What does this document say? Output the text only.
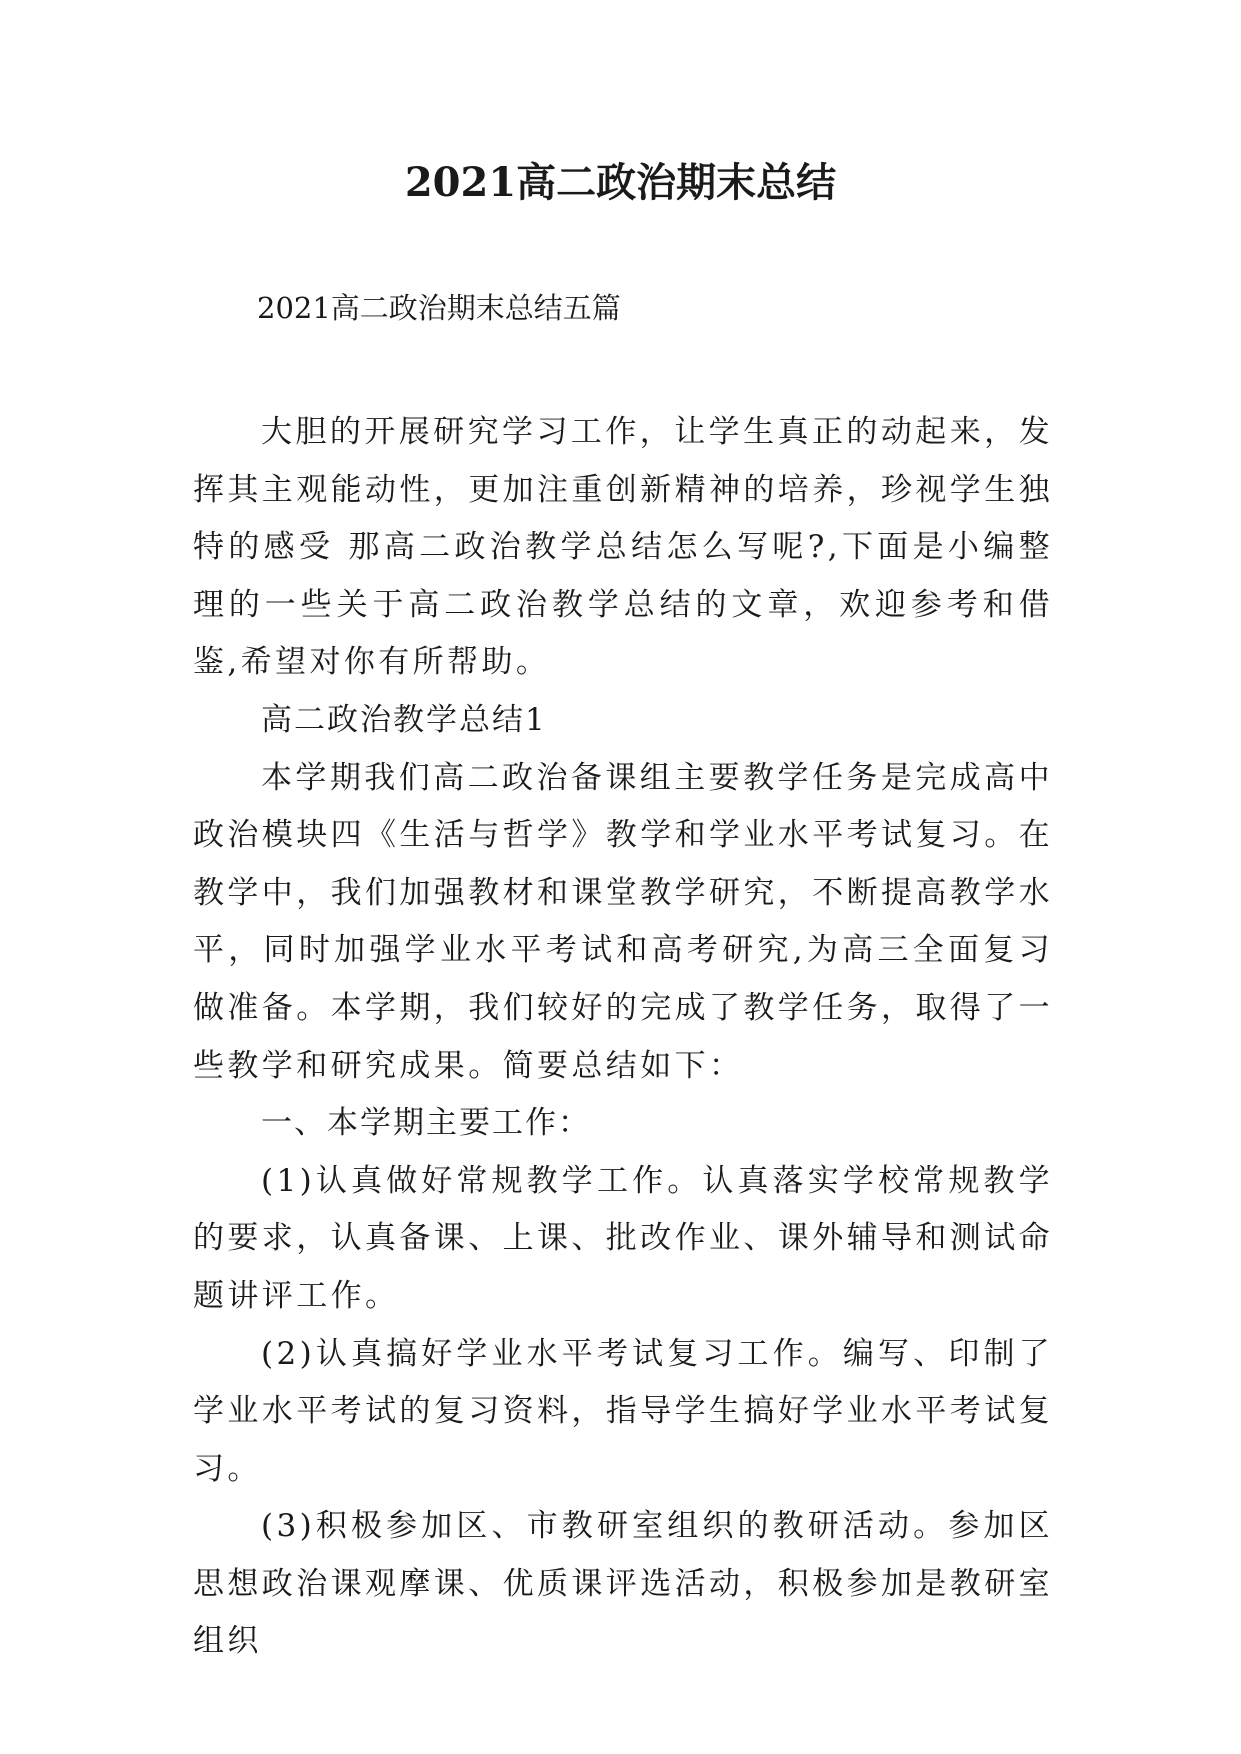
2021高二政治期末总结

2021高二政治期末总结五篇

大胆的开展研究学习工作，让学生真正的动起来，发挥其主观能动性，更加注重创新精神的培养，珍视学生独特的感受 那高二政治教学总结怎么写呢?,下面是小编整理的一些关于高二政治教学总结的文章，欢迎参考和借鉴,希望对你有所帮助。

高二政治教学总结1

本学期我们高二政治备课组主要教学任务是完成高中政治模块四《生活与哲学》教学和学业水平考试复习。在教学中，我们加强教材和课堂教学研究，不断提高教学水平，同时加强学业水平考试和高考研究,为高三全面复习做准备。本学期，我们较好的完成了教学任务，取得了一些教学和研究成果。简要总结如下：

一、本学期主要工作：

(1)认真做好常规教学工作。认真落实学校常规教学的要求，认真备课、上课、批改作业、课外辅导和测试命题讲评工作。

(2)认真搞好学业水平考试复习工作。编写、印制了学业水平考试的复习资料，指导学生搞好学业水平考试复习。

(3)积极参加区、市教研室组织的教研活动。参加区思想政治课观摩课、优质课评选活动，积极参加是教研室组织
